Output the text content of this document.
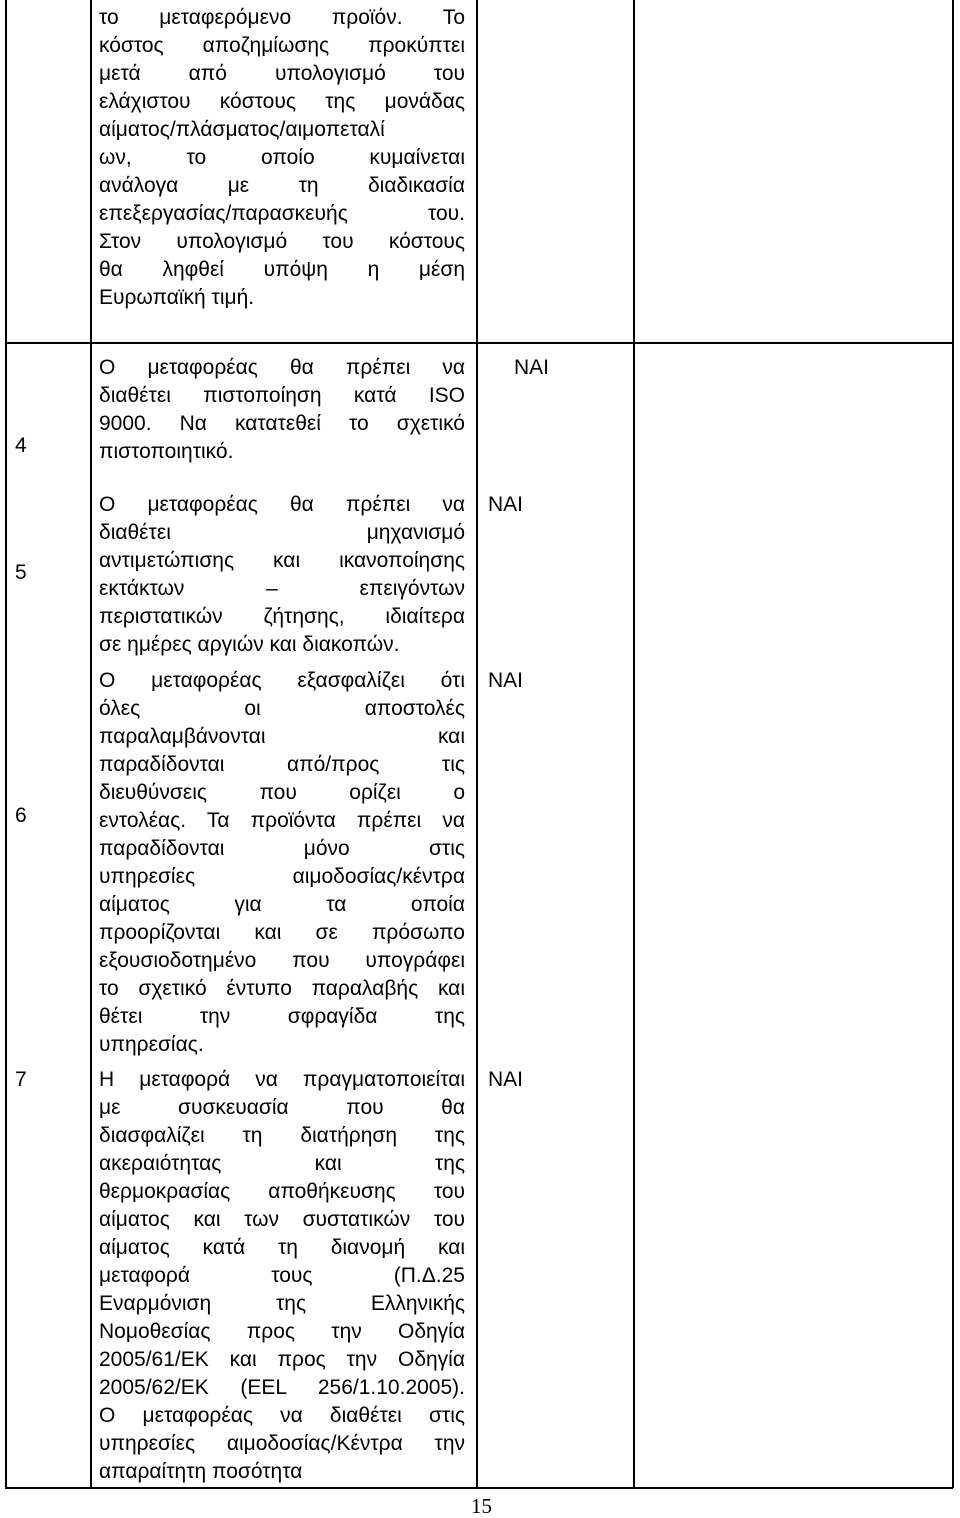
4
5
6
7
το μεταφερόμενο προϊόν. Το
κόστος αποζημίωσης προκύπτει
μετά από υπολογισμό του
ελάχιστου κόστους της μονάδας
αίματος/πλάσματος/αιμοπεταλί
ων, το οποίο κυμαίνεται
ανάλογα με τη διαδικασία
επεξεργασίας/παρασκευής του.
Στον υπολογισμό του κόστους
θα ληφθεί υπόψη η μέση
Ευρωπαϊκή τιμή.
Ο μεταφορέας θα πρέπει να
διαθέτει πιστοποίηση κατά ISO
9000. Να κατατεθεί το σχετικό
πιστοποιητικό.
Ο μεταφορέας θα πρέπει να
διαθέτει μηχανισμό
αντιμετώπισης και ικανοποίησης
εκτάκτων – επειγόντων
περιστατικών ζήτησης, ιδιαίτερα
σε ημέρες αργιών και διακοπών.
Ο μεταφορέας εξασφαλίζει ότι
όλες οι αποστολές
παραλαμβάνονται και
παραδίδονται από/προς τις
διευθύνσεις που ορίζει ο
εντολέας. Τα προϊόντα πρέπει να
παραδίδονται μόνο στις
υπηρεσίες αιμοδοσίας/κέντρα
αίματος για τα οποία
προορίζονται και σε πρόσωπο
εξουσιοδοτημένο που υπογράφει
το σχετικό έντυπο παραλαβής και
θέτει την σφραγίδα της
υπηρεσίας.
Η μεταφορά να πραγματοποιείται
με συσκευασία που θα
διασφαλίζει τη διατήρηση της
ακεραιότητας και της
θερμοκρασίας αποθήκευσης του
αίματος και των συστατικών του
αίματος κατά τη διανομή και
μεταφορά τους (Π.Δ.25
Εναρμόνιση της Ελληνικής
Νομοθεσίας προς την Οδηγία
2005/61/ΕΚ και προς την Οδηγία
2005/62/ΕΚ (ΕΕL 256/1.10.2005).
Ο μεταφορέας να διαθέτει στις
υπηρεσίες αιμοδοσίας/Κέντρα την
απαραίτητη ποσότητα
ΝΑΙ
ΝΑΙ
ΝΑΙ
ΝΑΙ
15
